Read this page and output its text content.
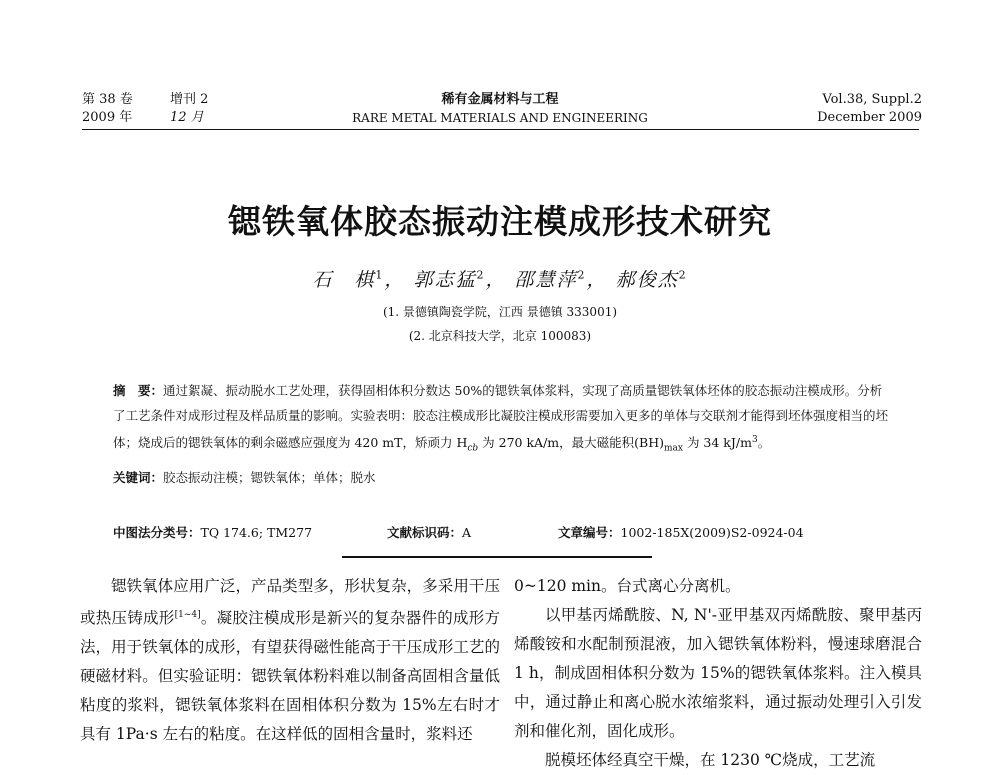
第 38 卷	增刊 2
2009 年	12 月
稀有金属材料与工程
RARE METAL MATERIALS AND ENGINEERING
Vol.38, Suppl.2
December 2009
锶铁氧体胶态振动注模成形技术研究
石　棋$^1$， 郭志猛$^2$， 邵慧萍$^2$， 郝俊杰$^2$
(1. 景德镇陶瓷学院，江西 景德镇 333001)
(2. 北京科技大学，北京 100083)

摘　要：通过絮凝、振动脱水工艺处理，获得固相体积分数达 50%的锶铁氧体浆料，实现了高质量锶铁氧体坯体的胶态振动注模成形。分析了工艺条件对成形过程及样品质量的影响。实验表明：胶态注模成形比凝胶注模成形需要加入更多的单体与交联剂才能得到坯体强度相当的坯体；烧成后的锶铁氧体的剩余磁感应强度为 420 mT，矫顽力 $H_{cb}$ 为 270 kA/m，最大磁能积$(BH)_{max}$ 为 34 $kJ/m^3$。

关键词：胶态振动注模；锶铁氧体；单体；脱水

中图法分类号：TQ 174.6; TM277	文献标识码：A	文章编号：1002-185X(2009)S2-0924-04

锶铁氧体应用广泛，产品类型多，形状复杂，多采用干压或热压铸成形[1~4]。凝胶注模成形是新兴的复杂器件的成形方法，用于铁氧体的成形，有望获得磁性能高于干压成形工艺的硬磁材料。但实验证明：锶铁氧体粉料难以制备高固相含量低粘度的浆料，锶铁氧体浆料在固相体积分数为 15%左右时才具有 1Pa·s 左右的粘度。在这样低的固相含量时，浆料还

0~120 min。台式离心分离机。

以甲基丙烯酰胺、N, N'-亚甲基双丙烯酰胺、聚甲基丙烯酸铵和水配制预混液，加入锶铁氧体粉料，慢速球磨混合 1 h，制成固相体积分数为 15%的锶铁氧体浆料。注入模具中，通过静止和离心脱水浓缩浆料，通过振动处理引入引发剂和催化剂，固化成形。

脱模坯体经真空干燥，在 1230 ℃烧成，工艺流
